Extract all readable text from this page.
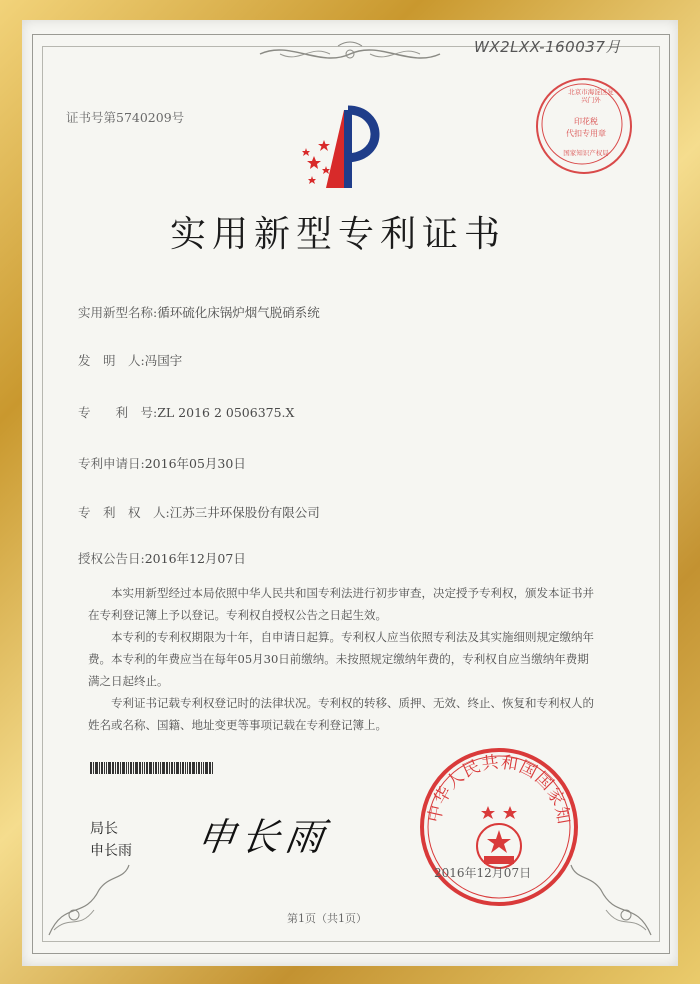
WX2LXX-160037月
证书号第5740209号
北京市海淀区复兴门外
印花税
代扣专用章
国家知识产权局
实用新型专利证书
实用新型名称:循环硫化床锅炉烟气脱硝系统
发　明　人:冯国宇
专　　利　号:ZL 2016 2 0506375.X
专利申请日:2016年05月30日
专　利　权　人:江苏三井环保股份有限公司
授权公告日:2016年12月07日

本实用新型经过本局依照中华人民共和国专利法进行初步审查，决定授予专利权，颁发本证书并在专利登记簿上予以登记。专利权自授权公告之日起生效。

本专利的专利权期限为十年，自申请日起算。专利权人应当依照专利法及其实施细则规定缴纳年费。本专利的年费应当在每年05月30日前缴纳。未按照规定缴纳年费的，专利权自应当缴纳年费期满之日起终止。

专利证书记载专利权登记时的法律状况。专利权的转移、质押、无效、终止、恢复和专利权人的姓名或名称、国籍、地址变更等事项记载在专利登记簿上。

局长
申长雨 申长雨
中华人民共和国国家知
2016年12月07日
第1页（共1页）
